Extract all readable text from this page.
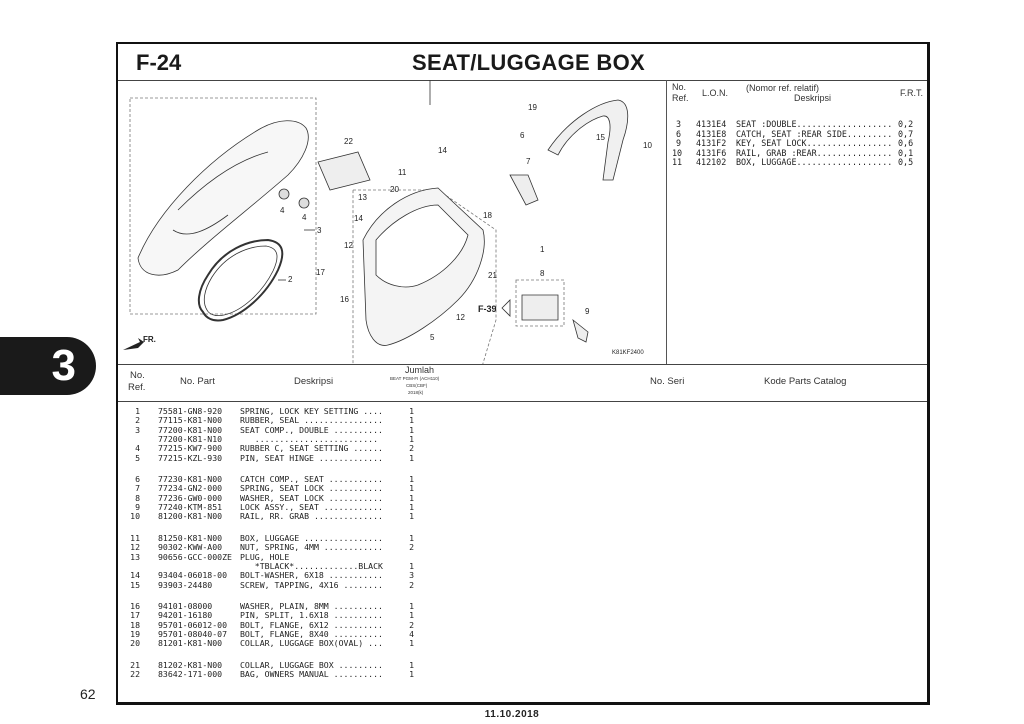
3
62
11.10.2018
F-24	SEAT/LUGGAGE BOX
22
4
4
3
2
11
14
20
13
14
12
17
16
12
5
18
21
19
6
7
15
10
1
8
9
F-39
FR.
K81KF2400
No.
Ref. L.O.N. (Nomor ref. relatif)
Deskripsi	F.R.T.
3 4131E4 SEAT :DOUBLE................... 0,2
6 4131E8 CATCH, SEAT :REAR SIDE......... 0,7
9 4131F2 KEY, SEAT LOCK................. 0,6
10 4131F6 RAIL, GRAB :REAR............... 0,1
11 412102 BOX, LUGGAGE................... 0,5
No.
Ref.
No. Part	Deskripsi
Jumlah
BEAT PGM-FI (ACH110)
CBS(CBF)
2018(k)
No. Seri	Kode Parts Catalog
1 75581-GN8-920 SPRING, LOCK KEY SETTING ....	1
2 77115-K81-N00 RUBBER, SEAL ................	1
3 77200-K81-N00 SEAT COMP., DOUBLE ..........	1
77200-K81-N10 .........................	1
4 77215-KW7-900 RUBBER C, SEAT SETTING ......	2
5 77215-KZL-930 PIN, SEAT HINGE .............	1
6 77230-K81-N00 CATCH COMP., SEAT ...........	1
7 77234-GN2-000 SPRING, SEAT LOCK ...........	1
8 77236-GW0-000 WASHER, SEAT LOCK ...........	1
9 77240-KTM-851 LOCK ASSY., SEAT ............	1
10 81200-K81-N00 RAIL, RR. GRAB ..............	1
11 81250-K81-N00 BOX, LUGGAGE ................	1
12 90302-KWW-A00 NUT, SPRING, 4MM ............	2
13 90656-GCC-000ZE PLUG, HOLE
*TBLACK*.............BLACK	1
14 93404-06018-00 BOLT-WASHER, 6X18 ...........	3
15 93903-24480	SCREW, TAPPING, 4X16 ........	2
16 94101-08000	WASHER, PLAIN, 8MM ..........	1
17 94201-16180	PIN, SPLIT, 1.6X18 ..........	1
18 95701-06012-00 BOLT, FLANGE, 6X12 ..........	2
19 95701-08040-07 BOLT, FLANGE, 8X40 ..........	4
20 81201-K81-N00 COLLAR, LUGGAGE BOX(OVAL) ...	1
21 81202-K81-N00 COLLAR, LUGGAGE BOX .........	1
22 83642-171-000 BAG, OWNERS MANUAL ..........	1
